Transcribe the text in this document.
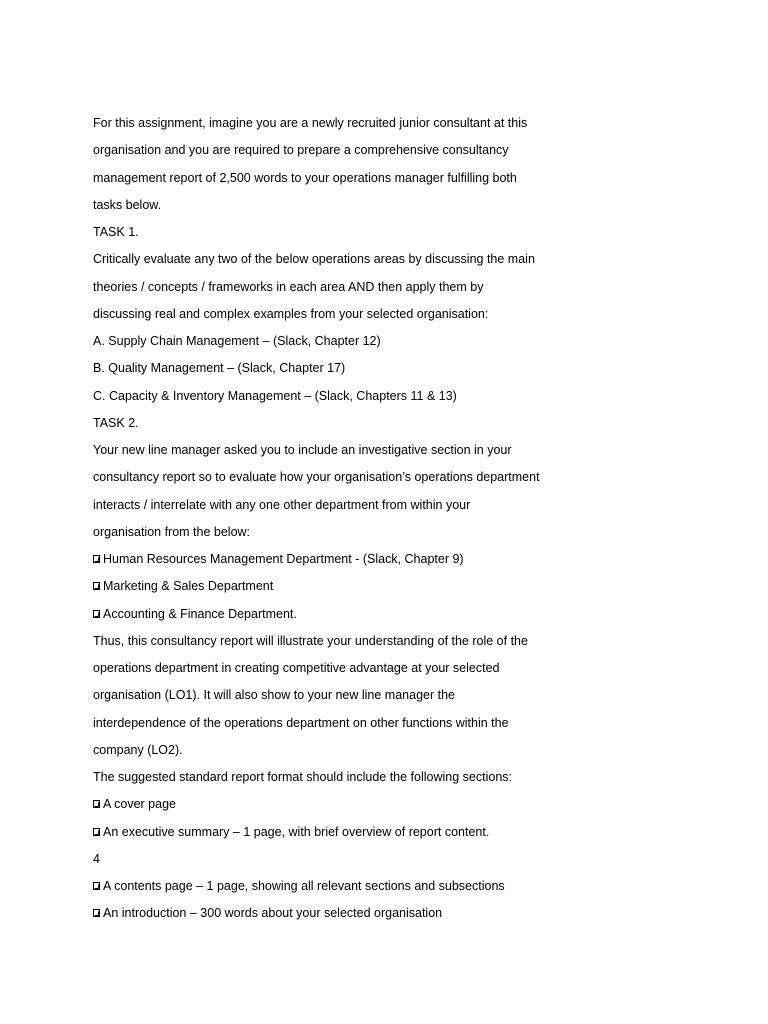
For this assignment, imagine you are a newly recruited junior consultant at this
organisation and you are required to prepare a comprehensive consultancy
management report of 2,500 words to your operations manager fulfilling both
tasks below.
TASK 1.
Critically evaluate any two of the below operations areas by discussing the main
theories / concepts / frameworks in each area AND then apply them by
discussing real and complex examples from your selected organisation:
A. Supply Chain Management – (Slack, Chapter 12)
B. Quality Management – (Slack, Chapter 17)
C. Capacity & Inventory Management – (Slack, Chapters 11 & 13)
TASK 2.
Your new line manager asked you to include an investigative section in your
consultancy report so to evaluate how your organisation’s operations department
interacts / interrelate with any one other department from within your
organisation from the below:
Human Resources Management Department - (Slack, Chapter 9)
Marketing & Sales Department
Accounting & Finance Department.
Thus, this consultancy report will illustrate your understanding of the role of the
operations department in creating competitive advantage at your selected
organisation (LO1). It will also show to your new line manager the
interdependence of the operations department on other functions within the
company (LO2).
The suggested standard report format should include the following sections:
A cover page
An executive summary – 1 page, with brief overview of report content.
4
A contents page – 1 page, showing all relevant sections and subsections
An introduction – 300 words about your selected organisation
